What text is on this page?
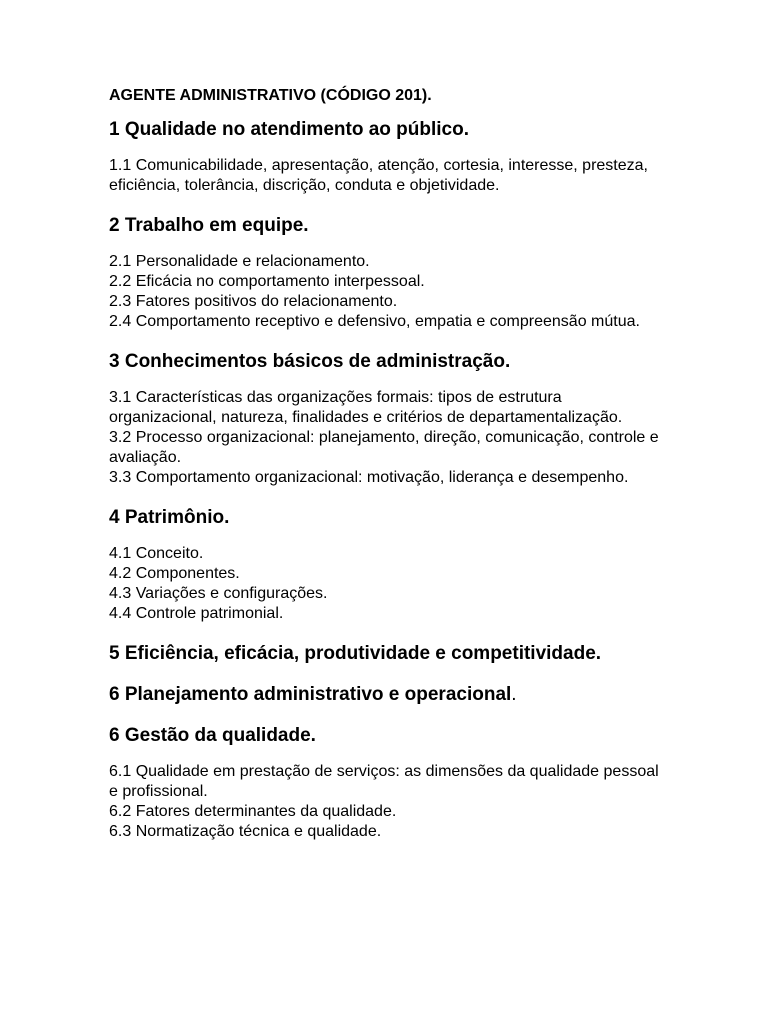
AGENTE ADMINISTRATIVO (CÓDIGO 201).
1 Qualidade no atendimento ao público.
1.1 Comunicabilidade, apresentação, atenção, cortesia, interesse, presteza, eficiência, tolerância, discrição, conduta e objetividade.
2 Trabalho em equipe.
2.1 Personalidade e relacionamento.
2.2 Eficácia no comportamento interpessoal.
2.3 Fatores positivos do relacionamento.
2.4 Comportamento receptivo e defensivo, empatia e compreensão mútua.
3 Conhecimentos básicos de administração.
3.1 Características das organizações formais: tipos de estrutura organizacional, natureza, finalidades e critérios de departamentalização.
3.2 Processo organizacional: planejamento, direção, comunicação, controle e avaliação.
3.3 Comportamento organizacional: motivação, liderança e desempenho.
4 Patrimônio.
4.1 Conceito.
4.2 Componentes.
4.3 Variações e configurações.
4.4 Controle patrimonial.
5 Eficiência, eficácia, produtividade e competitividade.
6 Planejamento administrativo e operacional.
6 Gestão da qualidade.
6.1 Qualidade em prestação de serviços: as dimensões da qualidade pessoal e profissional.
6.2 Fatores determinantes da qualidade.
6.3 Normatização técnica e qualidade.
